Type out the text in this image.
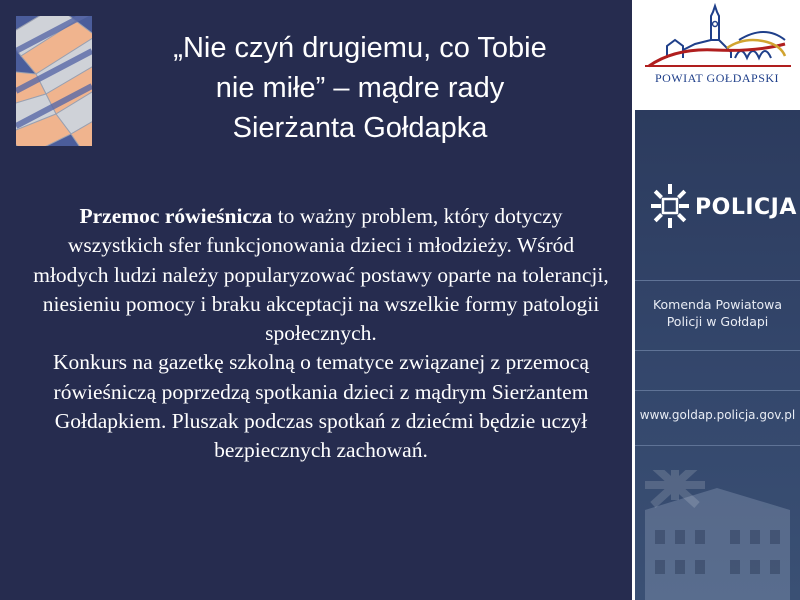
„Nie czyń drugiemu, co Tobie
nie miłe” – mądre rady
Sierżanta Gołdapka

Przemoc rówieśnicza to ważny problem, który dotyczy wszystkich sfer funkcjonowania dzieci i młodzieży. Wśród młodych ludzi należy popularyzować postawy oparte na tolerancji, niesieniu pomocy i braku akceptacji na wszelkie formy patologii społecznych.

Konkurs na gazetkę szkolną o tematyce związanej z przemocą rówieśniczą poprzedzą spotkania dzieci z mądrym Sierżantem Gołdapkiem. Pluszak podczas spotkań z dziećmi będzie uczył bezpiecznych zachowań.

POWIAT GOŁDAPSKI
POLICJA
Komenda Powiatowa
Policji w Gołdapi
www.goldap.policja.gov.pl
